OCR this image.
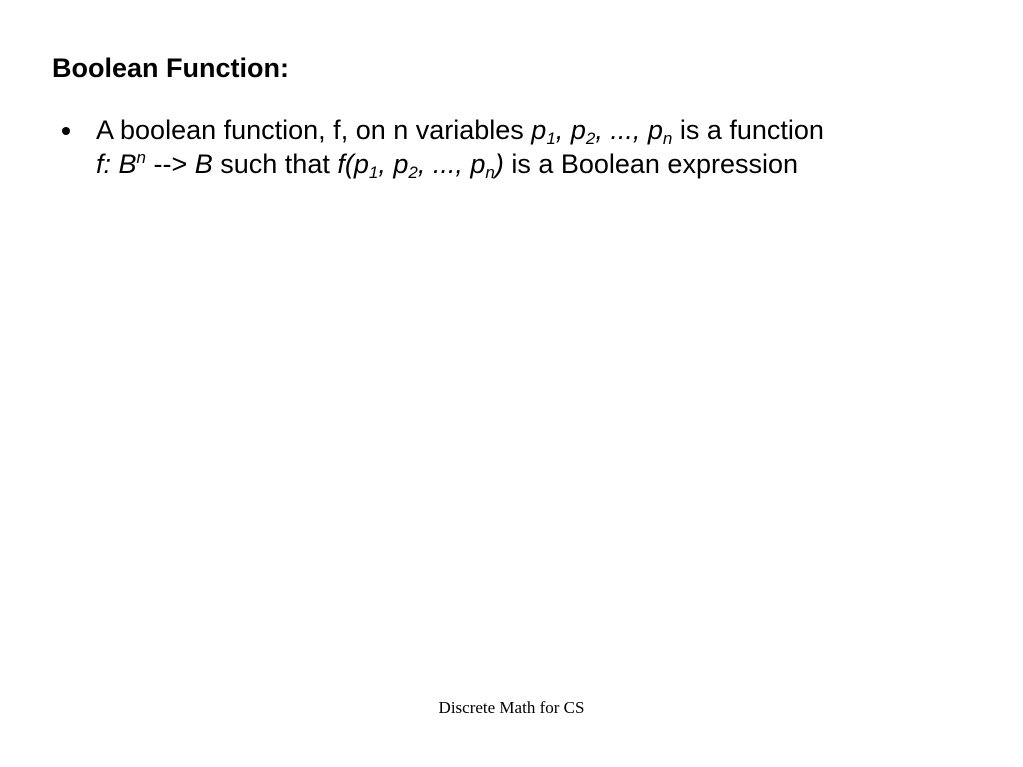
Boolean Function:
A boolean function, f, on n variables $p_1$, $p_2$, ..., $p_n$ is a function
f: $B^n$ --> B such that $f(p_1$, $p_2$, ..., $p_n$) is a Boolean expression
Discrete Math for CS
